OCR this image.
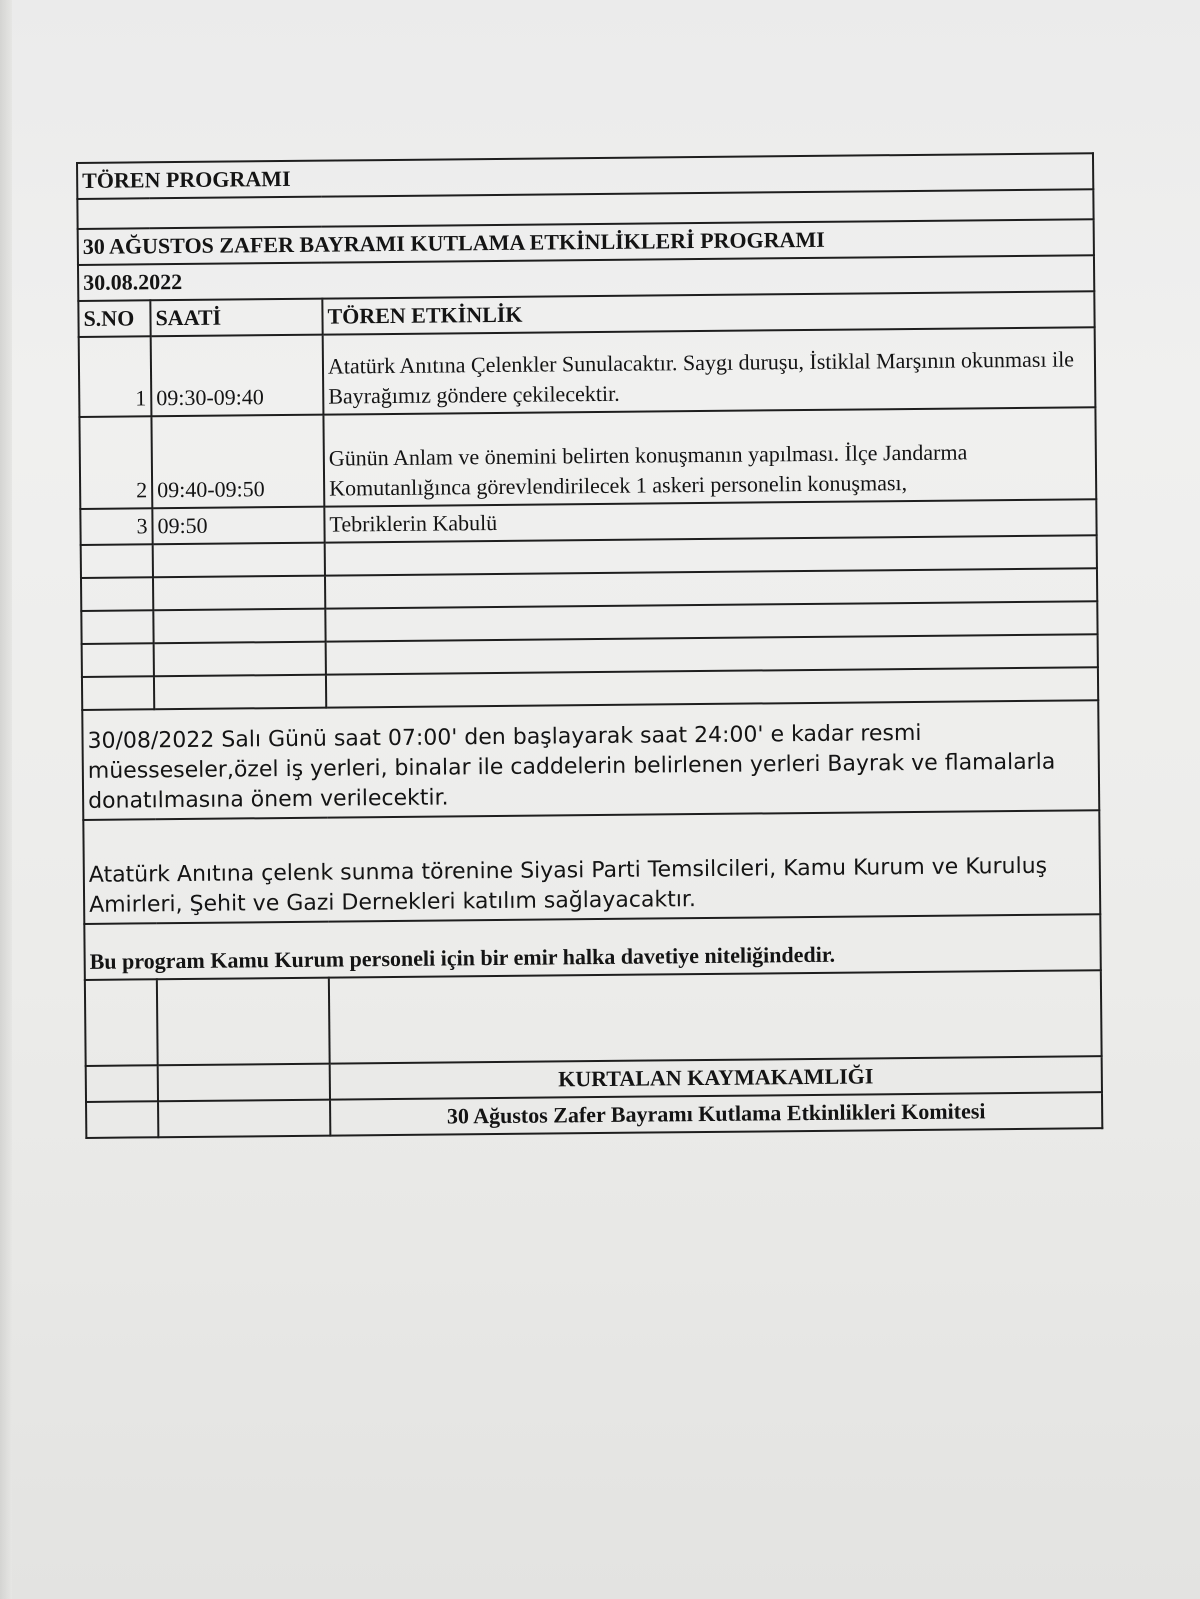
TÖREN PROGRAMI		

30 AĞUSTOS ZAFER BAYRAMI KUTLAMA ETKİNLİKLERİ PROGRAMI		
30.08.2022		
S.NO	SAATİ	TÖREN ETKİNLİK
1	09:30-09:40	Atatürk Anıtına Çelenkler Sunulacaktır. Saygı duruşu, İstiklal Marşının okunması ile Bayrağımız göndere çekilecektir.
2	09:40-09:50	Günün Anlam ve önemini belirten konuşmanın yapılması. İlçe Jandarma Komutanlığınca görevlendirilecek 1 askeri personelin konuşması,
3	09:50	Tebriklerin Kabulü

30/08/2022 Salı Günü saat 07:00' den başlayarak saat 24:00' e kadar resmi müesseseler,özel iş yerleri, binalar ile caddelerin belirlenen yerleri Bayrak ve flamalarla donatılmasına önem verilecektir.		
Atatürk Anıtına çelenk sunma törenine Siyasi Parti Temsilcileri, Kamu Kurum ve Kuruluş Amirleri, Şehit ve Gazi Dernekleri katılım sağlayacaktır.		
Bu program Kamu Kurum personeli için bir emir halka davetiye niteliğindedir.		

		KURTALAN KAYMAKAMLIĞI
		30 Ağustos Zafer Bayramı Kutlama Etkinlikleri Komitesi
